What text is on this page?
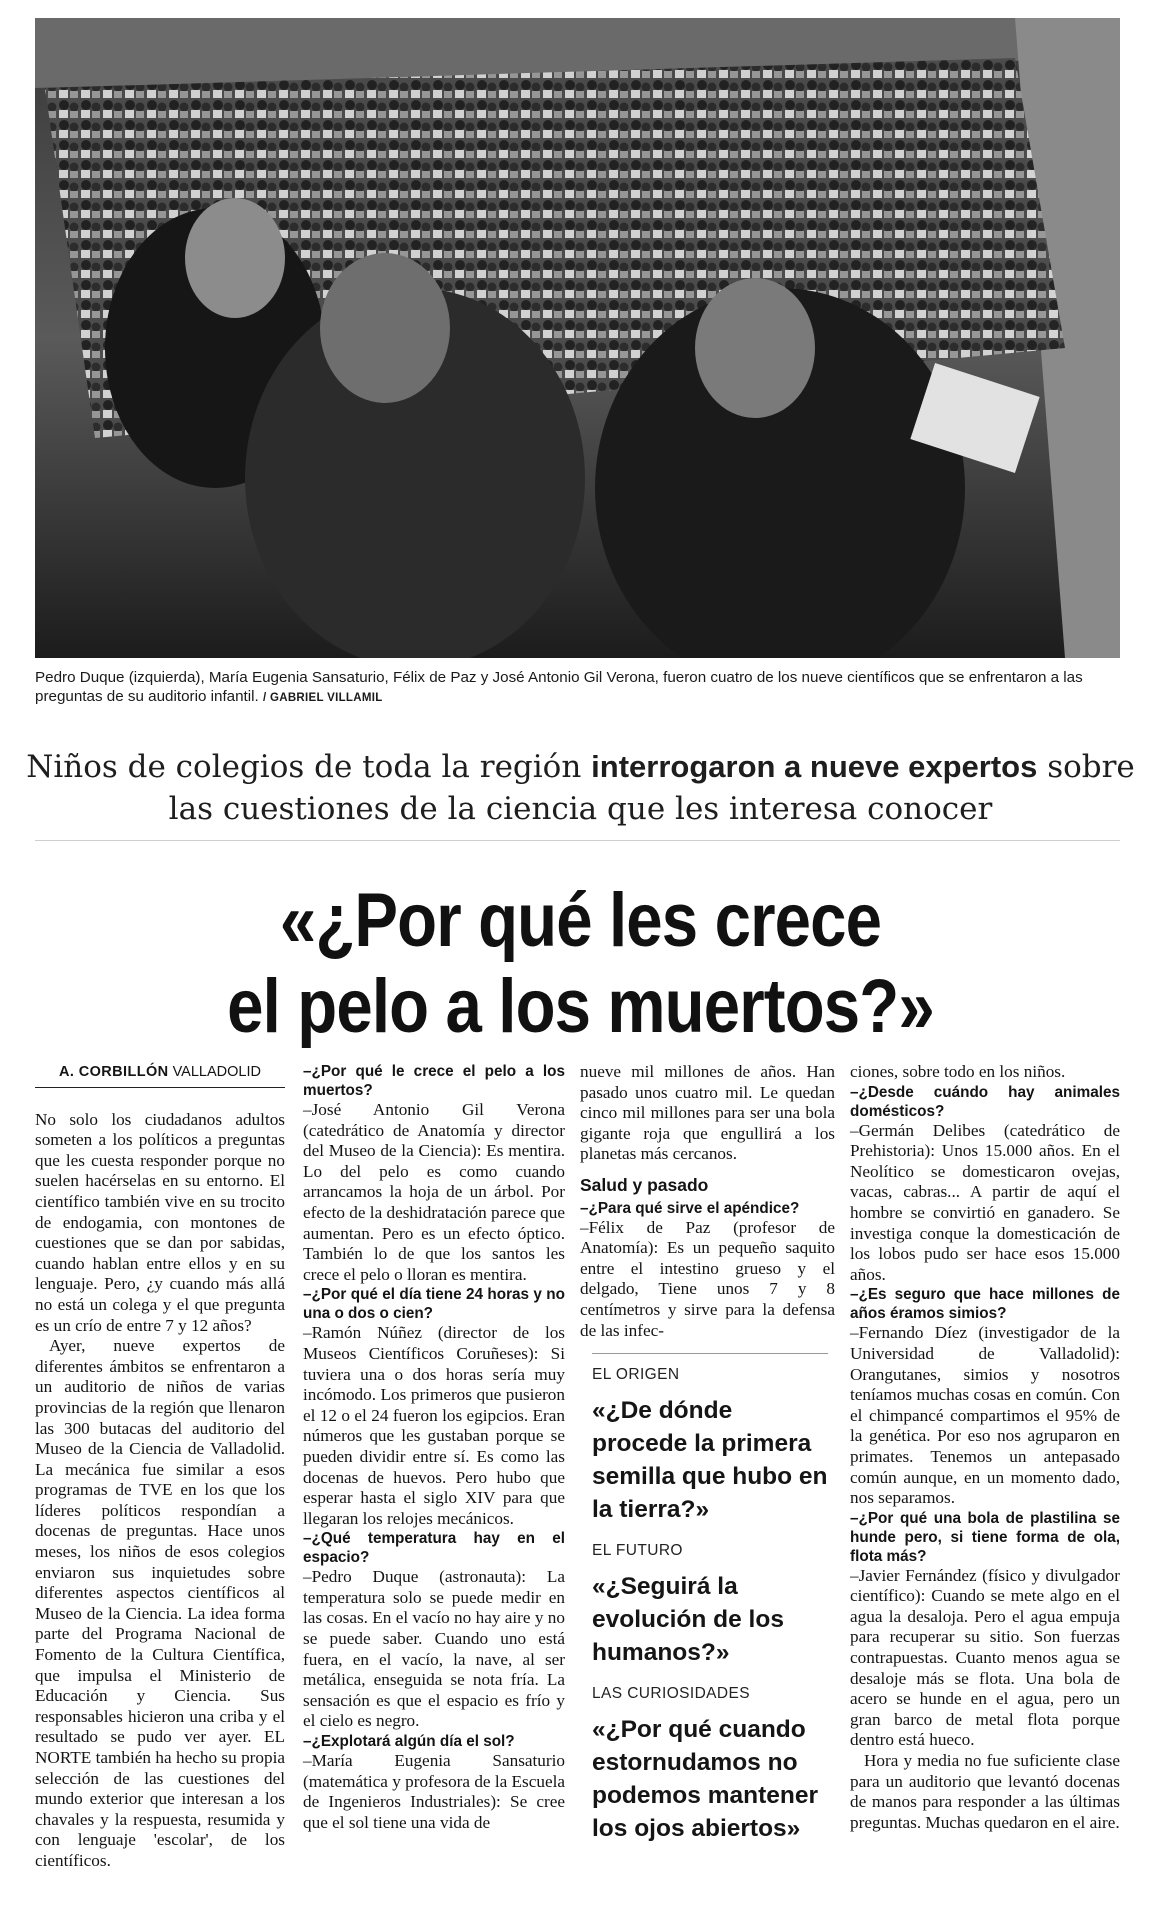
Pedro Duque (izquierda), María Eugenia Sansaturio, Félix de Paz y José Antonio Gil Verona, fueron cuatro de los nueve científicos que se enfrentaron a las preguntas de su auditorio infantil. / GABRIEL VILLAMIL
Niños de colegios de toda la región interrogaron a nueve expertos sobre
las cuestiones de la ciencia que les interesa conocer
«¿Por qué les crece
el pelo a los muertos?»
A. CORBILLÓN VALLADOLID

No solo los ciudadanos adultos someten a los políticos a preguntas que les cuesta responder porque no suelen hacérselas en su entorno. El científico también vive en su trocito de endogamia, con montones de cuestiones que se dan por sabidas, cuando hablan entre ellos y en su lenguaje. Pero, ¿y cuando más allá no está un colega y el que pregunta es un crío de entre 7 y 12 años?

Ayer, nueve expertos de diferentes ámbitos se enfrentaron a un auditorio de niños de varias provincias de la región que llenaron las 300 butacas del auditorio del Museo de la Ciencia de Valladolid. La mecánica fue similar a esos programas de TVE en los que los líderes políticos respondían a docenas de preguntas. Hace unos meses, los niños de esos colegios enviaron sus inquietudes sobre diferentes aspectos científicos al Museo de la Ciencia. La idea forma parte del Programa Nacional de Fomento de la Cultura Científica, que impulsa el Ministerio de Educación y Ciencia. Sus responsables hicieron una criba y el resultado se pudo ver ayer. EL NORTE también ha hecho su propia selección de las cuestiones del mundo exterior que interesan a los chavales y la respuesta, resumida y con lenguaje 'escolar', de los científicos.

–¿Por qué le crece el pelo a los muertos?

–José Antonio Gil Verona (catedrático de Anatomía y director del Museo de la Ciencia): Es mentira. Lo del pelo es como cuando arrancamos la hoja de un árbol. Por efecto de la deshidratación parece que aumentan. Pero es un efecto óptico. También lo de que los santos les crece el pelo o lloran es mentira.

–¿Por qué el día tiene 24 horas y no una o dos o cien?

–Ramón Núñez (director de los Museos Científicos Coruñeses): Si tuviera una o dos horas sería muy incómodo. Los primeros que pusieron el 12 o el 24 fueron los egipcios. Eran números que les gustaban porque se pueden dividir entre sí. Es como las docenas de huevos. Pero hubo que esperar hasta el siglo XIV para que llegaran los relojes mecánicos.

–¿Qué temperatura hay en el espacio?

–Pedro Duque (astronauta): La temperatura solo se puede medir en las cosas. En el vacío no hay aire y no se puede saber. Cuando uno está fuera, en el vacío, la nave, al ser metálica, enseguida se nota fría. La sensación es que el espacio es frío y el cielo es negro.

–¿Explotará algún día el sol?

–María Eugenia Sansaturio (matemática y profesora de la Escuela de Ingenieros Industriales): Se cree que el sol tiene una vida de

nueve mil millones de años. Han pasado unos cuatro mil. Le quedan cinco mil millones para ser una bola gigante roja que engullirá a los planetas más cercanos.

Salud y pasado

–¿Para qué sirve el apéndice?

–Félix de Paz (profesor de Anatomía): Es un pequeño saquito entre el intestino grueso y el delgado, Tiene unos 7 y 8 centímetros y sirve para la defensa de las infec-

EL ORIGEN
«¿De dónde procede la primera semilla que hubo en la tierra?»
EL FUTURO
«¿Seguirá la evolución de los humanos?»
LAS CURIOSIDADES
«¿Por qué cuando estornudamos no podemos mantener los ojos abiertos»

ciones, sobre todo en los niños.

–¿Desde cuándo hay animales domésticos?

–Germán Delibes (catedrático de Prehistoria): Unos 15.000 años. En el Neolítico se domesticaron ovejas, vacas, cabras... A partir de aquí el hombre se convirtió en ganadero. Se investiga conque la domesticación de los lobos pudo ser hace esos 15.000 años.

–¿Es seguro que hace millones de años éramos simios?

–Fernando Díez (investigador de la Universidad de Valladolid): Orangutanes, simios y nosotros teníamos muchas cosas en común. Con el chimpancé compartimos el 95% de la genética. Por eso nos agruparon en primates. Tenemos un antepasado común aunque, en un momento dado, nos separamos.

–¿Por qué una bola de plastilina se hunde pero, si tiene forma de ola, flota más?

–Javier Fernández (físico y divulgador científico): Cuando se mete algo en el agua la desaloja. Pero el agua empuja para recuperar su sitio. Son fuerzas contrapuestas. Cuanto menos agua se desaloje más se flota. Una bola de acero se hunde en el agua, pero un gran barco de metal flota porque dentro está hueco.

Hora y media no fue suficiente clase para un auditorio que levantó docenas de manos para responder a las últimas preguntas. Muchas quedaron en el aire.
